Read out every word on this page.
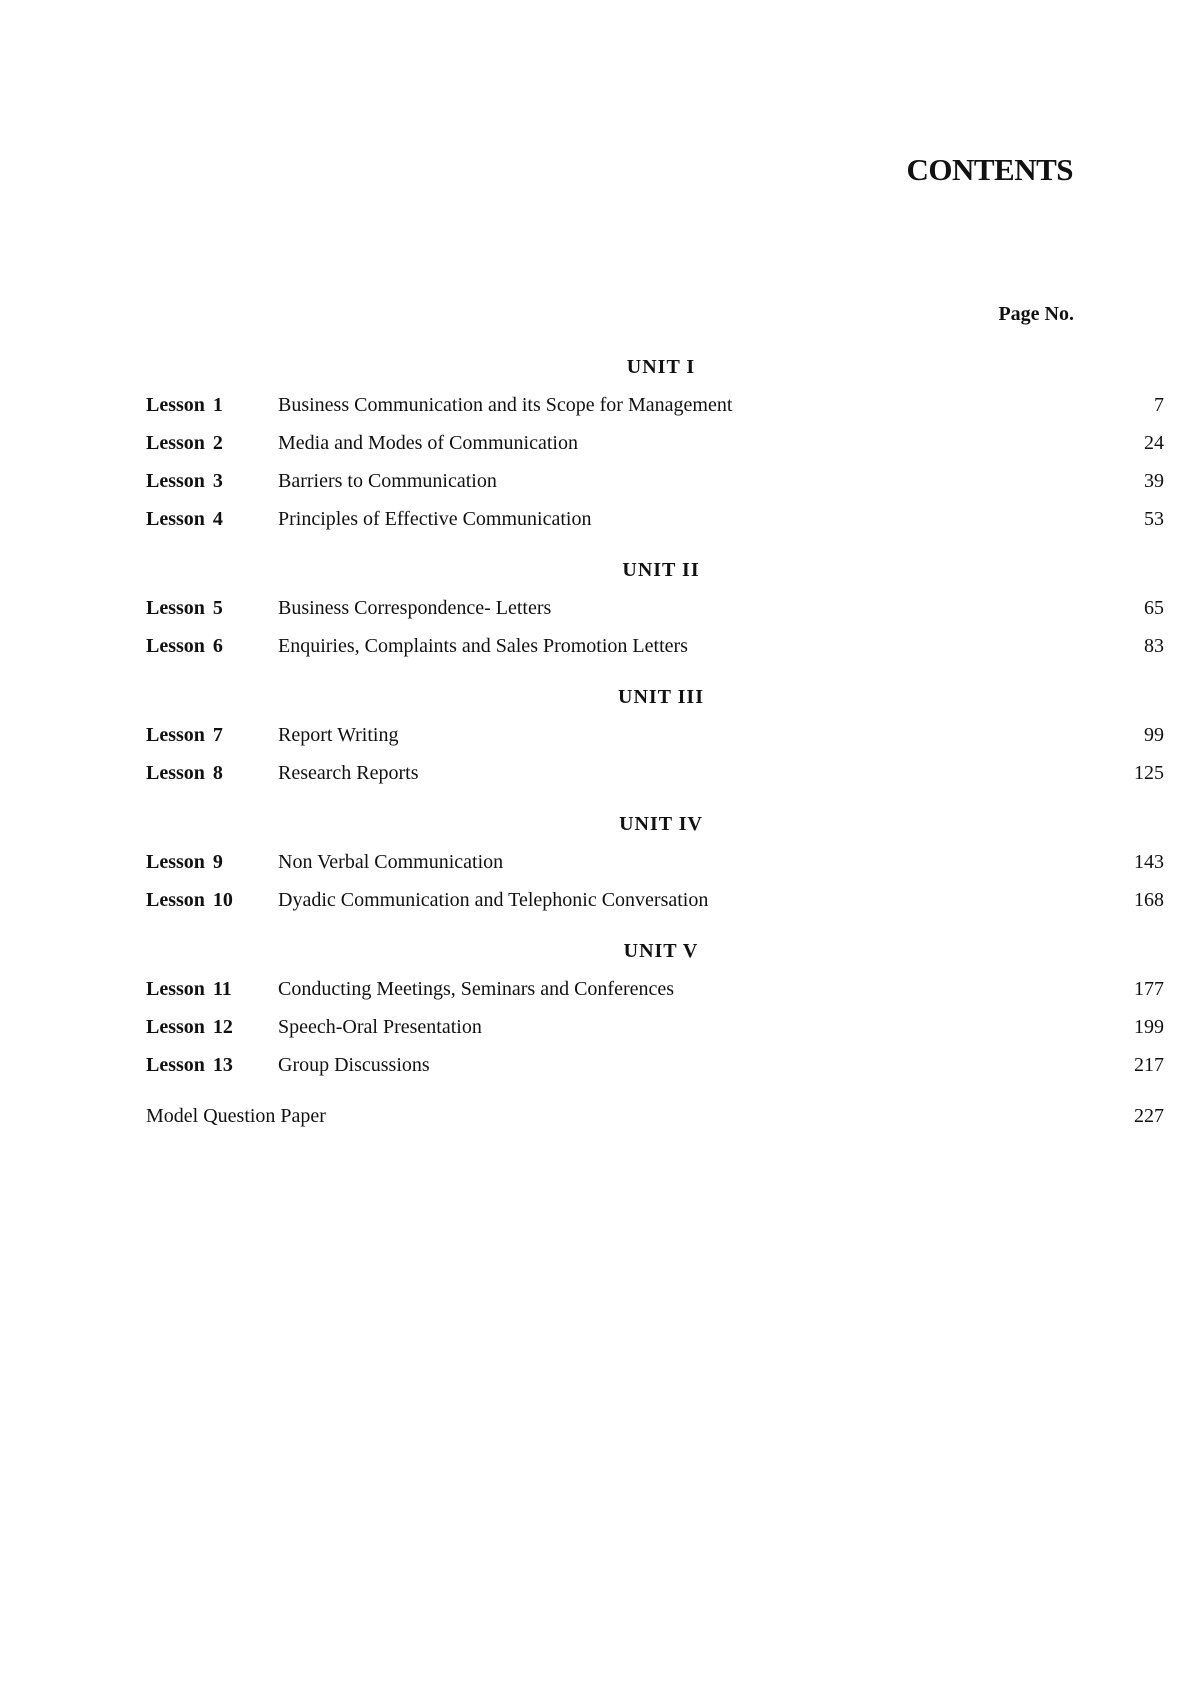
CONTENTS
Page No.
UNIT I
Lesson 1	Business Communication and its Scope for Management	7
Lesson 2	Media and Modes of Communication	24
Lesson 3	Barriers to Communication	39
Lesson 4	Principles of Effective Communication	53
UNIT II
Lesson 5	Business Correspondence- Letters	65
Lesson 6	Enquiries, Complaints and Sales Promotion Letters	83
UNIT III
Lesson 7	Report Writing	99
Lesson 8	Research Reports	125
UNIT IV
Lesson 9	Non Verbal Communication	143
Lesson 10 Dyadic Communication and Telephonic Conversation	168
UNIT V
Lesson 11 Conducting Meetings, Seminars and Conferences	177
Lesson 12 Speech-Oral Presentation	199
Lesson 13 Group Discussions	217
Model Question Paper	227
